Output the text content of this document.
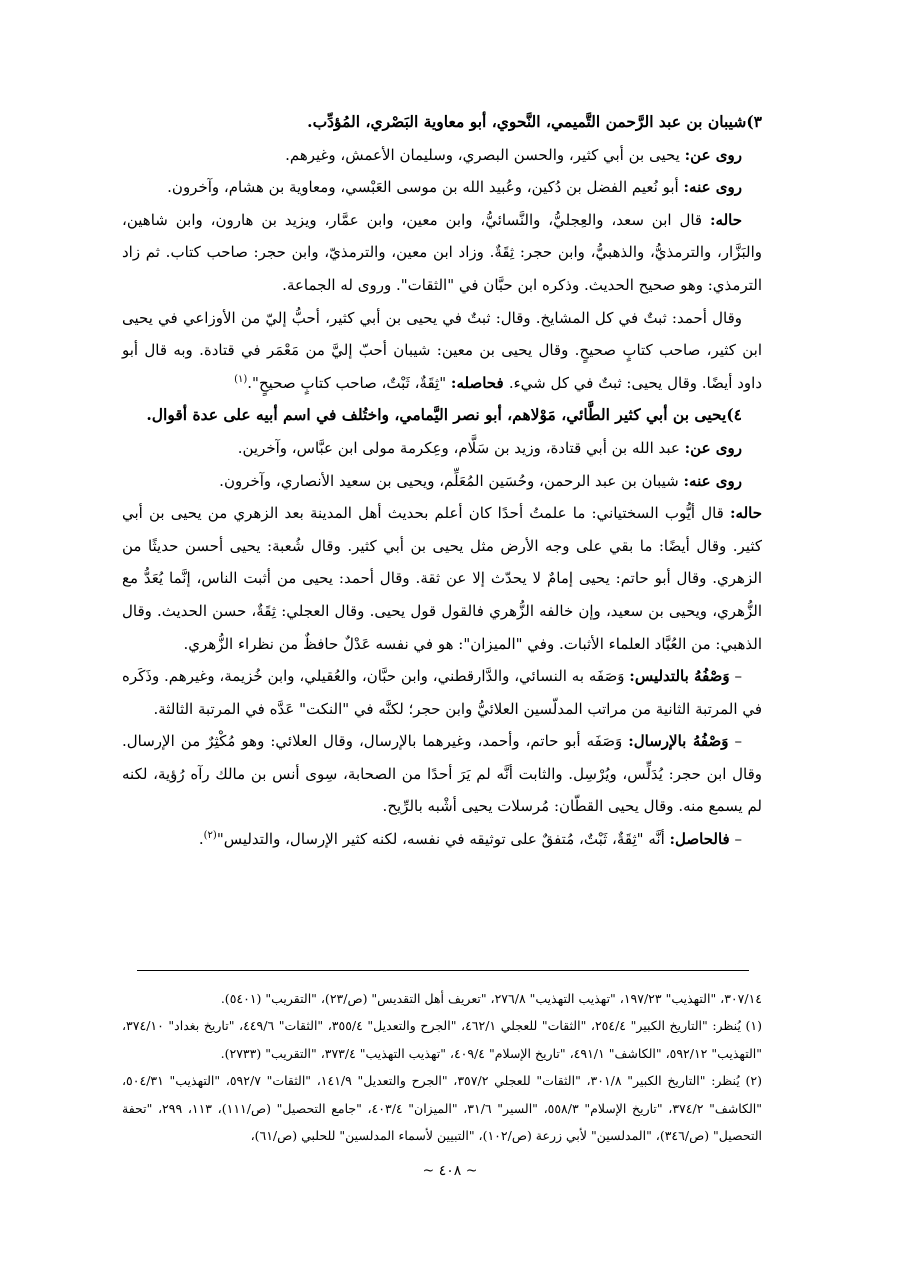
٣)شيبان بن عبد الرَّحمن التَّميمي، النَّحوي، أبو معاوية البَصْري، المُؤدِّب.

روى عن: يحيى بن أبي كثير، والحسن البصري، وسليمان الأعمش، وغيرهم.

روى عنه: أبو نُعيم الفضل بن دُكين، وعُبيد الله بن موسى العَبْسي، ومعاوية بن هشام، وآخرون.

حاله: قال ابن سعد، والعِجليُّ، والنَّسائيُّ، وابن معين، وابن عمَّار، ويزيد بن هارون، وابن شاهين، والبَزَّار، والترمذيُّ، والذهبيُّ، وابن حجر: ثِقَةٌ. وزاد ابن معين، والترمذيّ، وابن حجر: صاحب كتاب. ثم زاد الترمذي: وهو صحيح الحديث. وذكره ابن حبَّان في "الثقات". وروى له الجماعة.

وقال أحمد: ثبتٌ في كل المشايخ. وقال: ثبتٌ في يحيى بن أبي كثير، أحبُّ إليّ من الأوزاعي في يحيى ابن كثير، صاحب كتابٍ صحيحٍ. وقال يحيى بن معين: شيبان أحبّ إليَّ من مَعْمَر في قتادة. وبه قال أبو داود أيضًا. وقال يحيى: ثبتٌ في كل شيء. فحاصله: "ثِقَةٌ، ثَبْتٌ، صاحب كتابٍ صحيحٍ".$^{(١)}$

٤)يحيى بن أبي كثير الطَّائي، مَوْلاهم، أبو نصر اليَّمامي، واختُلف في اسم أبيه على عدة أقوال.

روى عن: عبد الله بن أبي قتادة، وزيد بن سَلَّام، وعِكرمة مولى ابن عبَّاس، وآخرين.

روى عنه: شيبان بن عبد الرحمن، وحُسَين المُعَلِّم، ويحيى بن سعيد الأنصاري، وآخرون.

حاله: قال أيُّوب السختياني: ما علمتُ أحدًا كان أعلم بحديث أهل المدينة بعد الزهري من يحيى بن أبي كثير. وقال أيضًا: ما بقي على وجه الأرض مثل يحيى بن أبي كثير. وقال شُعبة: يحيى أحسن حديثًا من الزهري. وقال أبو حاتم: يحيى إمامٌ لا يحدّث إلا عن ثقة. وقال أحمد: يحيى من أثبت الناس، إنَّما يُعَدُّ مع الزُّهري، ويحيى بن سعيد، وإن خالفه الزُّهري فالقول قول يحيى. وقال العجلي: ثِقَةٌ، حسن الحديث. وقال الذهبي: من العُبَّاد العلماء الأثبات. وفي "الميزان": هو في نفسه عَدْلٌ حافظٌ من نظراء الزُّهري.

– وَصْفُهُ بالتدليس: وَصَفَه به النسائي، والدَّارقطني، وابن حبَّان، والعُقيلي، وابن خُزيمة، وغيرهم. وذَكَره في المرتبة الثانية من مراتب المدلّسين العلائيُّ وابن حجر؛ لكنَّه في "النكت" عَدَّه في المرتبة الثالثة.

– وَصْفُهُ بالإرسال: وَصَفَه أبو حاتم، وأحمد، وغيرهما بالإرسال، وقال العلائي: وهو مُكْثِرٌ من الإرسال. وقال ابن حجر: يُدَلِّس، ويُرْسِل. والثابت أنَّه لم يَرَ أحدًا من الصحابة، سِوى أنس بن مالك رآه رُؤية، لكنه لم يسمع منه. وقال يحيى القطّان: مُرسلات يحيى أشْبه بالرِّيح.

– فالحاصل: أنَّه "ثِقَةٌ، ثَبْتٌ، مُتفقٌ على توثيقه في نفسه، لكنه كثير الإرسال، والتدليس"$^{(٢)}$.

٣٠٧/١٤، "التهذيب" ١٩٧/٢٣، "تهذيب التهذيب" ٢٧٦/٨، "تعريف أهل التقديس" (ص/٢٣)، "التقريب" (٥٤٠١).

(١) يُنظر: "التاريخ الكبير" ٢٥٤/٤، "الثقات" للعجلي ٤٦٢/١، "الجرح والتعديل" ٣٥٥/٤، "الثقات" ٤٤٩/٦، "تاريخ بغداد" ٣٧٤/١٠، "التهذيب" ٥٩٢/١٢، "الكاشف" ٤٩١/١، "تاريخ الإسلام" ٤٠٩/٤، "تهذيب التهذيب" ٣٧٣/٤، "التقريب" (٢٧٣٣).

(٢) يُنظر: "التاريخ الكبير" ٣٠١/٨، "الثقات" للعجلي ٣٥٧/٢، "الجرح والتعديل" ١٤١/٩، "الثقات" ٥٩٢/٧، "التهذيب" ٥٠٤/٣١، "الكاشف" ٣٧٤/٢، "تاريخ الإسلام" ٥٥٨/٣، "السير" ٣١/٦، "الميزان" ٤٠٣/٤، "جامع التحصيل" (ص/١١١)، ١١٣، ٢٩٩، "تحفة التحصيل" (ص/٣٤٦)، "المدلسين" لأبي زرعة (ص/١٠٢)، "التبيين لأسماء المدلسين" للحلبي (ص/٦١)،

~ ٤٠٨ ~
